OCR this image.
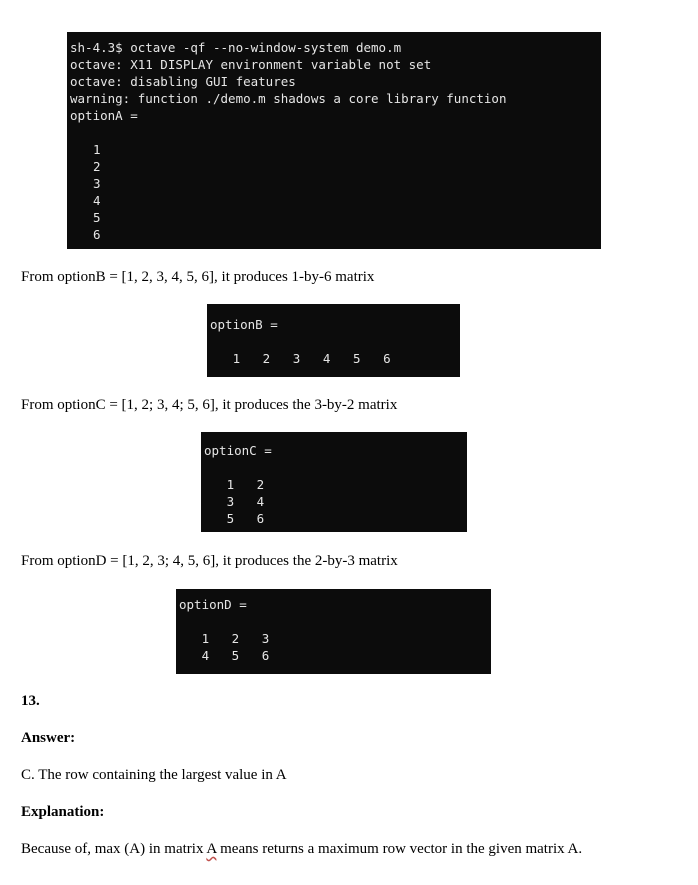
sh-4.3$ octave -qf --no-window-system demo.m
octave: X11 DISPLAY environment variable not set
octave: disabling GUI features
warning: function ./demo.m shadows a core library function
optionA =
1
2
3
4
5
6
From optionB = [1, 2, 3, 4, 5, 6], it produces 1-by-6 matrix
optionB =
1   2   3   4   5   6
From optionC = [1, 2; 3, 4; 5, 6], it produces the 3-by-2 matrix
optionC =
1   2
3   4
5   6
From optionD = [1, 2, 3; 4, 5, 6], it produces the 2-by-3 matrix
optionD =
1   2   3
4   5   6
13.
Answer:
C. The row containing the largest value in A
Explanation:
Because of, max (A) in matrix A means returns a maximum row vector in the given matrix A.
